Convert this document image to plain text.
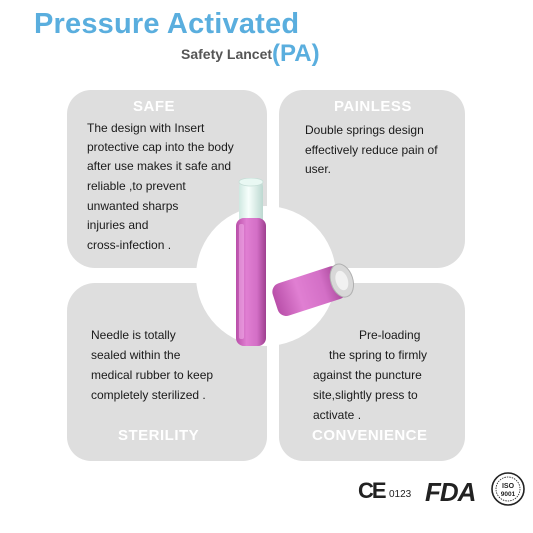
Pressure Activated
Safety Lancet(PA)
SAFE	PAINLESS
STERILITY	CONVENIENCE
The design with Insert
protective cap into the body
after use makes it safe and
reliable ,to prevent
unwanted sharps
injuries and
cross-infection .
Double springs design
effectively reduce pain of
user.
Needle is totally
sealed within the
medical rubber to keep
completely sterilized .
Pre-loading
the spring to firmly
against the puncture
site,slightly press to
activate .
CE 0123 FDA	ISO
9001
